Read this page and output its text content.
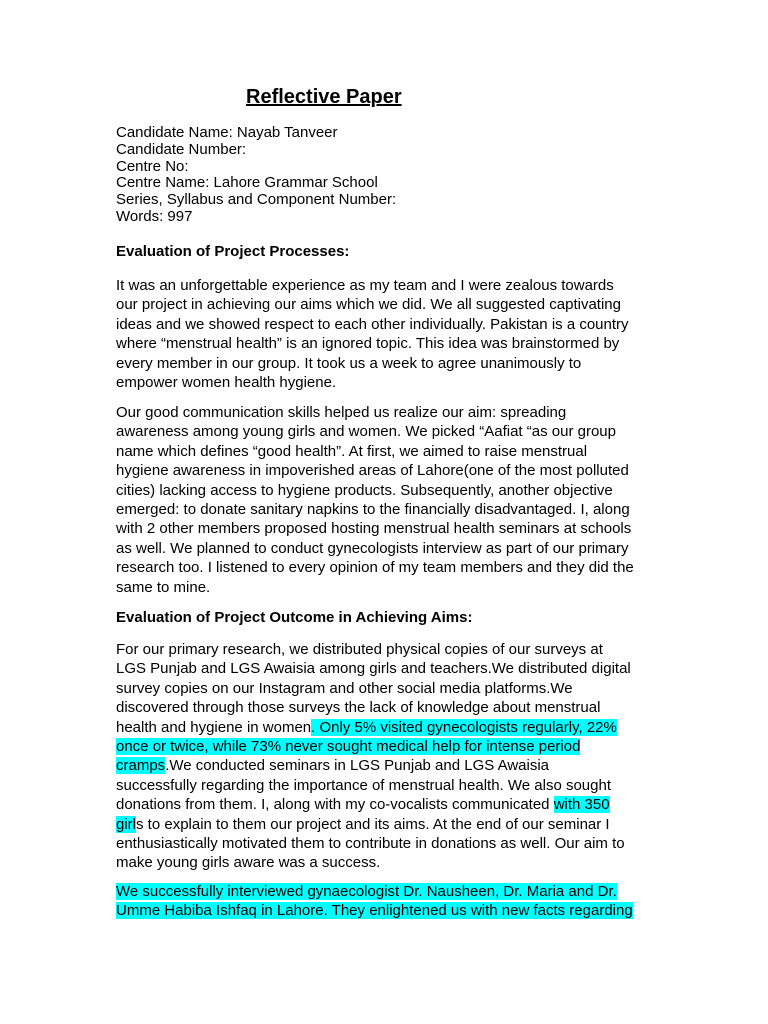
Reflective Paper
Candidate Name: Nayab Tanveer
Candidate Number:
Centre No:
Centre Name: Lahore Grammar School
Series, Syllabus and Component Number:
Words: 997
Evaluation of Project Processes:
It was an unforgettable experience as my team and I were zealous towards
our project in achieving our aims which we did. We all suggested captivating
ideas and we showed respect to each other individually. Pakistan is a country
where “menstrual health” is an ignored topic. This idea was brainstormed by
every member in our group. It took us a week to agree unanimously to
empower women health hygiene.
Our good communication skills helped us realize our aim: spreading
awareness among young girls and women. We picked “Aafiat “as our group
name which defines “good health”. At first, we aimed to raise menstrual
hygiene awareness in impoverished areas of Lahore(one of the most polluted
cities) lacking access to hygiene products. Subsequently, another objective
emerged: to donate sanitary napkins to the financially disadvantaged. I, along
with 2 other members proposed hosting menstrual health seminars at schools
as well. We planned to conduct gynecologists interview as part of our primary
research too. I listened to every opinion of my team members and they did the
same to mine.
Evaluation of Project Outcome in Achieving Aims:
For our primary research, we distributed physical copies of our surveys at
LGS Punjab and LGS Awaisia among girls and teachers.We distributed digital
survey copies on our Instagram and other social media platforms.We
discovered through those surveys the lack of knowledge about menstrual
health and hygiene in women. Only 5% visited gynecologists regularly, 22%
once or twice, while 73% never sought medical help for intense period
cramps.We conducted seminars in LGS Punjab and LGS Awaisia
successfully regarding the importance of menstrual health. We also sought
donations from them. I, along with my co-vocalists communicated with 350
girls to explain to them our project and its aims. At the end of our seminar I
enthusiastically motivated them to contribute in donations as well. Our aim to
make young girls aware was a success.
We successfully interviewed gynaecologist Dr. Nausheen, Dr. Maria and Dr.
Umme Habiba Ishfaq in Lahore. They enlightened us with new facts regarding
